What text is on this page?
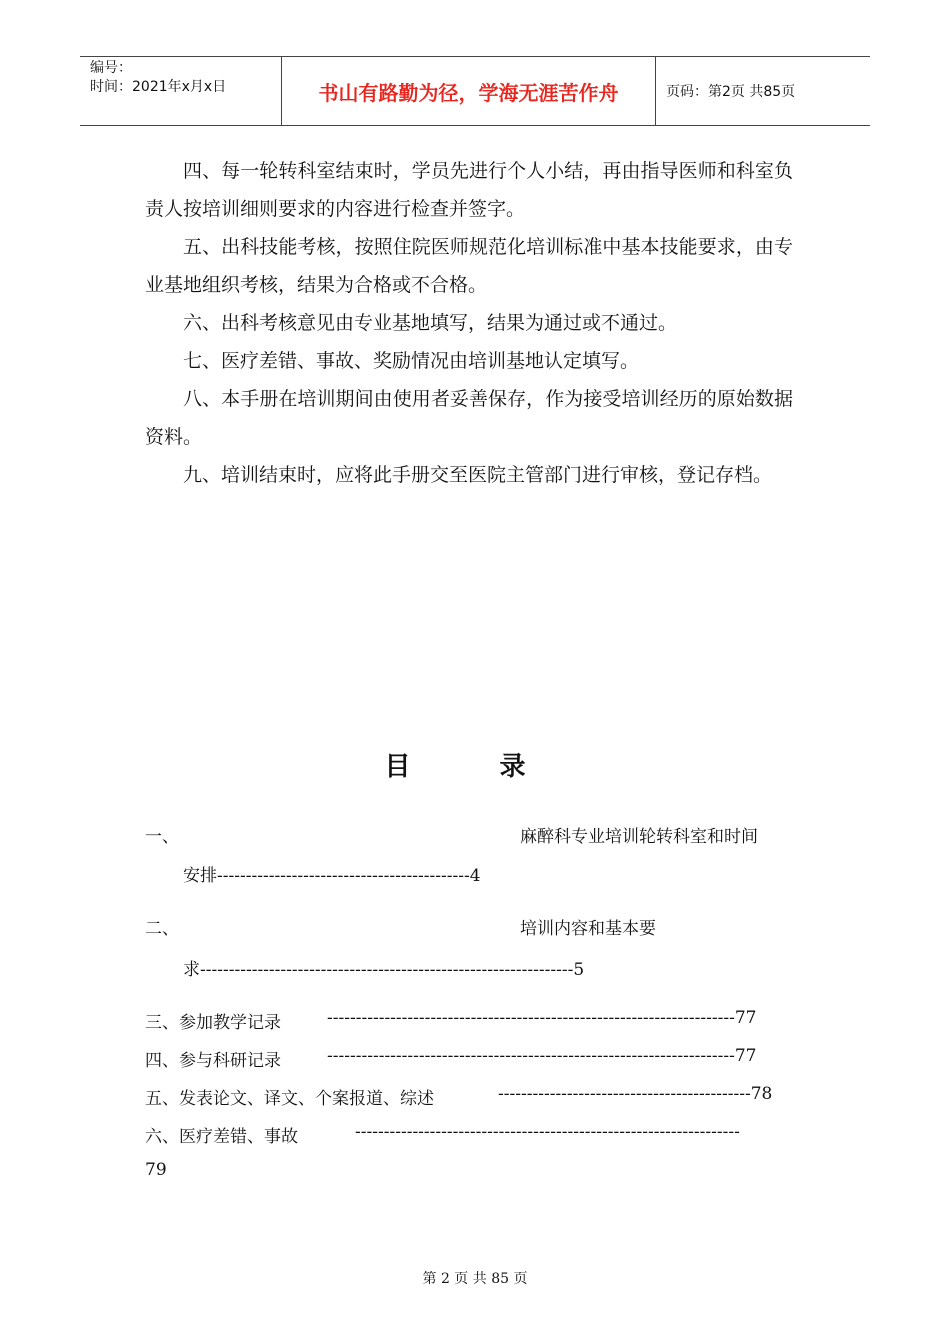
编号：
时间：2021年x月x日	书山有路勤为径，学海无涯苦作舟	页码：第2页 共85页

四、每一轮转科室结束时，学员先进行个人小结，再由指导医师和科室负责人按培训细则要求的内容进行检查并签字。

五、出科技能考核，按照住院医师规范化培训标准中基本技能要求，由专业基地组织考核，结果为合格或不合格。

六、出科考核意见由专业基地填写，结果为通过或不通过。

七、医疗差错、事故、奖励情况由培训基地认定填写。

八、本手册在培训期间由使用者妥善保存，作为接受培训经历的原始数据资料。

九、培训结束时，应将此手册交至医院主管部门进行审核，登记存档。

目 录
一、	麻醉科专业培训轮转科室和时间
安排--------------------------------------------4
二、	培训内容和基本要
求-----------------------------------------------------------------5
三、参加教学记录	-----------------------------------------------------------------------77
四、参与科研记录	-----------------------------------------------------------------------77
五、发表论文、译文、个案报道、综述	--------------------------------------------78
六、医疗差错、事故	-------------------------------------------------------------------
79
第 2 页 共 85 页
